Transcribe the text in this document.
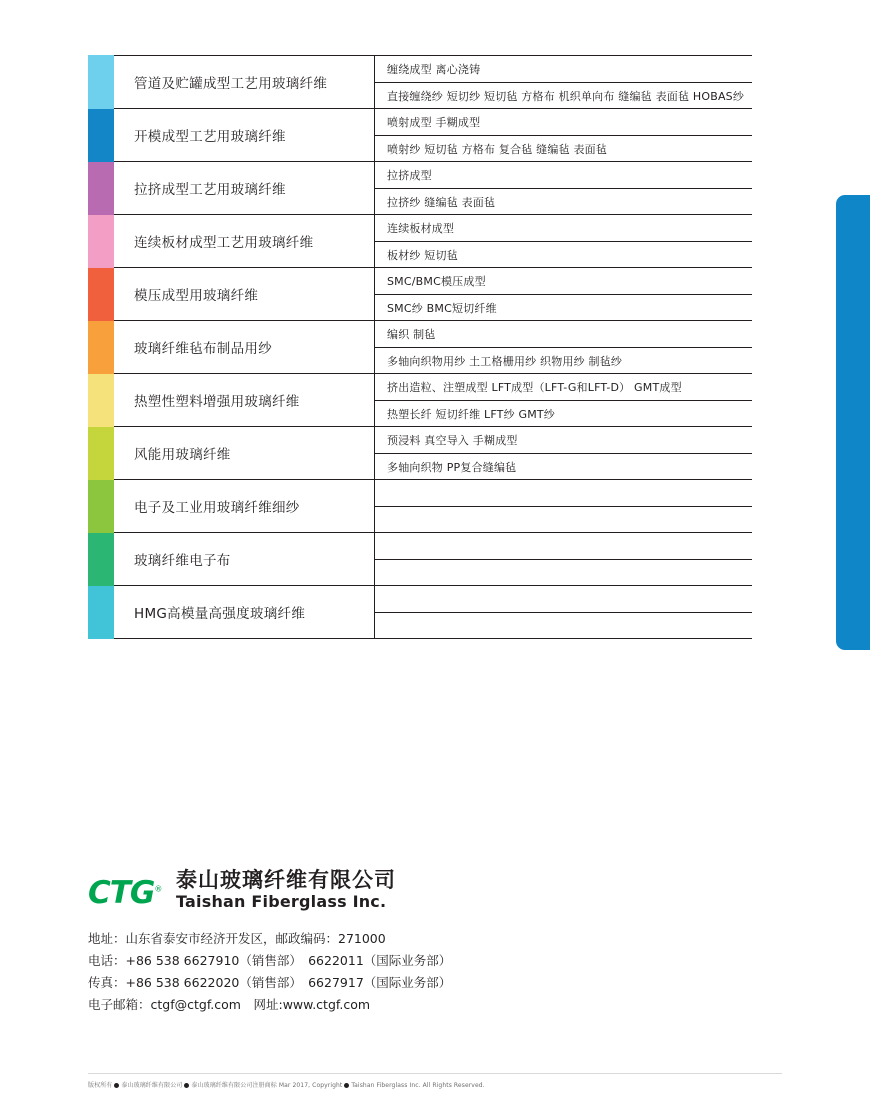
管道及贮罐成型工艺用玻璃纤维
缠绕成型 离心浇铸
直接缠绕纱 短切纱 短切毡 方格布 机织单向布 缝编毡 表面毡 HOBAS纱
开模成型工艺用玻璃纤维
喷射成型 手糊成型
喷射纱 短切毡 方格布 复合毡 缝编毡 表面毡
拉挤成型工艺用玻璃纤维
拉挤成型
拉挤纱 缝编毡 表面毡
连续板材成型工艺用玻璃纤维
连续板材成型
板材纱 短切毡
模压成型用玻璃纤维
SMC/BMC模压成型
SMC纱 BMC短切纤维
玻璃纤维毡布制品用纱
编织 制毡
多轴向织物用纱 土工格栅用纱 织物用纱 制毡纱
热塑性塑料增强用玻璃纤维
挤出造粒、注塑成型 LFT成型（LFT-G和LFT-D） GMT成型
热塑长纤 短切纤维 LFT纱 GMT纱
风能用玻璃纤维
预浸料 真空导入 手糊成型
多轴向织物 PP复合缝编毡
电子及工业用玻璃纤维细纱
玻璃纤维电子布
HMG高模量高强度玻璃纤维
CTG® 泰山玻璃纤维有限公司
Taishan Fiberglass Inc.
地址：山东省泰安市经济开发区，邮政编码：271000
电话：+86 538 6627910（销售部）　6622011（国际业务部）
传真：+86 538 6622020（销售部）　6627917（国际业务部）
电子邮箱：ctgf@ctgf.com　网址:www.ctgf.com
版权所有 泰山玻璃纤维有限公司 泰山玻璃纤维有限公司注册商标 Mar 2017, Copyright Taishan Fiberglass Inc. All Rights Reserved.
